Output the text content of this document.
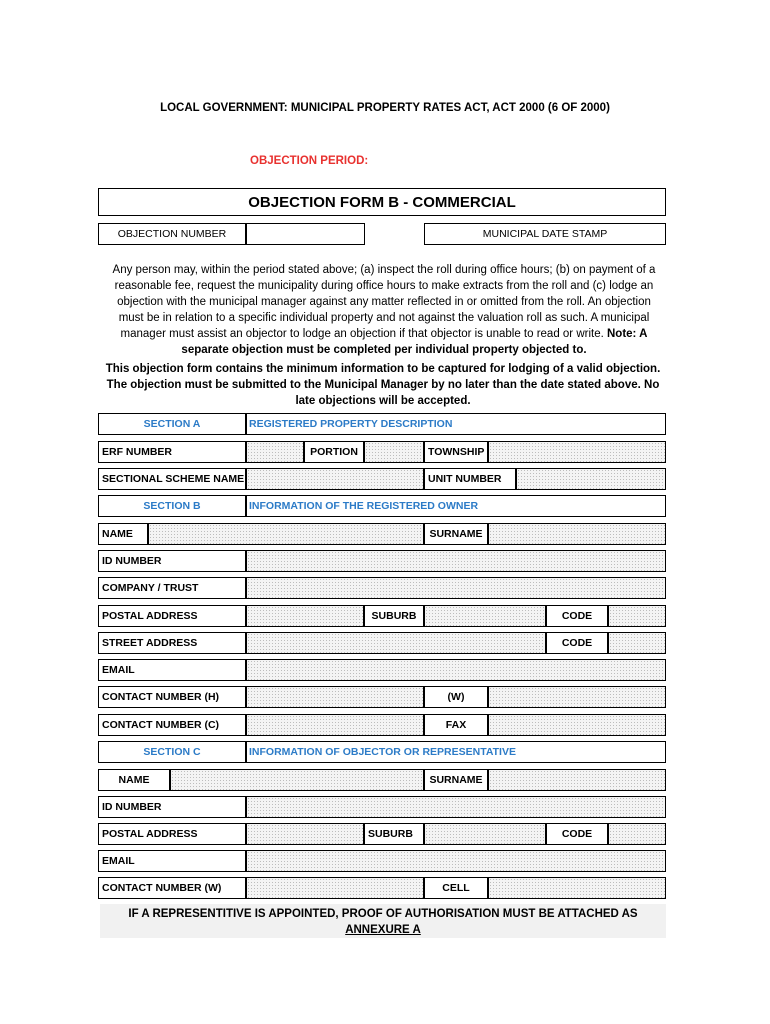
LOCAL GOVERNMENT: MUNICIPAL PROPERTY RATES ACT, ACT 2000 (6 OF 2000)
OBJECTION PERIOD:
OBJECTION FORM B - COMMERCIAL
OBJECTION NUMBER	MUNICIPAL DATE STAMP
Any person may, within the period stated above; (a) inspect the roll during office hours; (b) on payment of a reasonable fee, request the municipality during office hours to make extracts from the roll and (c) lodge an objection with the municipal manager against any matter reflected in or omitted from the roll. An objection must be in relation to a specific individual property and not against the valuation roll as such. A municipal manager must assist an objector to lodge an objection if that objector is unable to read or write. Note: A separate objection must be completed per individual property objected to.
This objection form contains the minimum information to be captured for lodging of a valid objection. The objection must be submitted to the Municipal Manager by no later than the date stated above. No late objections will be accepted.
SECTION A	REGISTERED PROPERTY DESCRIPTION
ERF NUMBER	PORTION	TOWNSHIP
SECTIONAL SCHEME NAME	UNIT NUMBER
SECTION B	INFORMATION OF THE REGISTERED OWNER
NAME	SURNAME
ID NUMBER
COMPANY / TRUST
POSTAL ADDRESS	SUBURB	CODE
STREET ADDRESS	CODE
EMAIL
CONTACT NUMBER (H)	(W)
CONTACT NUMBER (C)	FAX
SECTION C	INFORMATION OF OBJECTOR OR REPRESENTATIVE
NAME	SURNAME
ID NUMBER
POSTAL ADDRESS	SUBURB	CODE
EMAIL
CONTACT NUMBER (W)	CELL
IF A REPRESENTITIVE IS APPOINTED, PROOF OF AUTHORISATION MUST BE ATTACHED AS
ANNEXURE A
